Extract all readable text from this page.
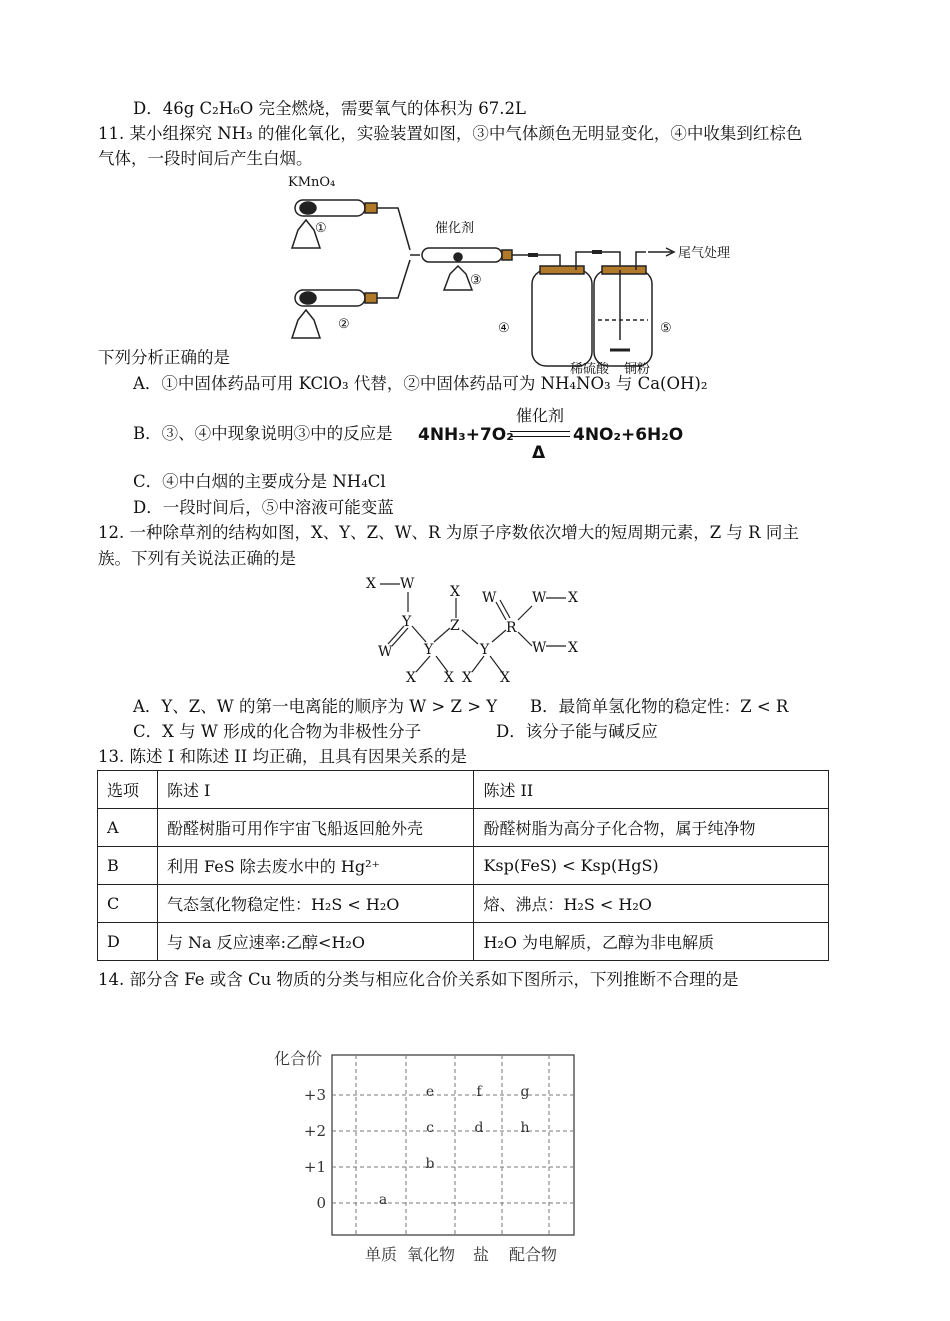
D．46g C₂H₆O 完全燃烧，需要氧气的体积为 67.2L
11. 某小组探究 NH₃ 的催化氧化，实验装置如图，③中气体颜色无明显变化，④中收集到红棕色
气体，一段时间后产生白烟。
KMnO₄
①
②
催化剂
③
④	⑤
尾气处理
稀硫酸 铜粉
下列分析正确的是
A．①中固体药品可用 KClO₃ 代替，②中固体药品可为 NH₄NO₃ 与 Ca(OH)₂
B．③、④中现象说明③中的反应是 4NH₃+7O₂
催化剂
Δ
4NO₂+6H₂O
C．④中白烟的主要成分是 NH₄Cl
D．一段时间后，⑤中溶液可能变蓝
12. 一种除草剂的结构如图，X、Y、Z、W、R 为原子序数依次增大的短周期元素，Z 与 R 同主
族。下列有关说法正确的是
X W
Y
W Y
X X
X
Z
Y
X X
R
W	W X
W X
A．Y、Z、W 的第一电离能的顺序为 W > Z > Y B．最简单氢化物的稳定性：Z < R
C．X 与 W 形成的化合物为非极性分子	D．该分子能与碱反应
13. 陈述 I 和陈述 II 均正确，且具有因果关系的是
选项	陈述 I	陈述 II
A	酚醛树脂可用作宇宙飞船返回舱外壳	酚醛树脂为高分子化合物，属于纯净物
B	利用 FeS 除去废水中的 Hg²⁺	Ksp(FeS) < Ksp(HgS)
C	气态氢化物稳定性：H₂S < H₂O	熔、沸点：H₂S < H₂O
D	与 Na 反应速率:乙醇<H₂O	H₂O 为电解质，乙醇为非电解质
14. 部分含 Fe 或含 Cu 物质的分类与相应化合价关系如下图所示，下列推断不合理的是
+3
+2
+1
0
单质 氧化物 盐 配合物
a
b
c
e
d
f
h
g
化合价
